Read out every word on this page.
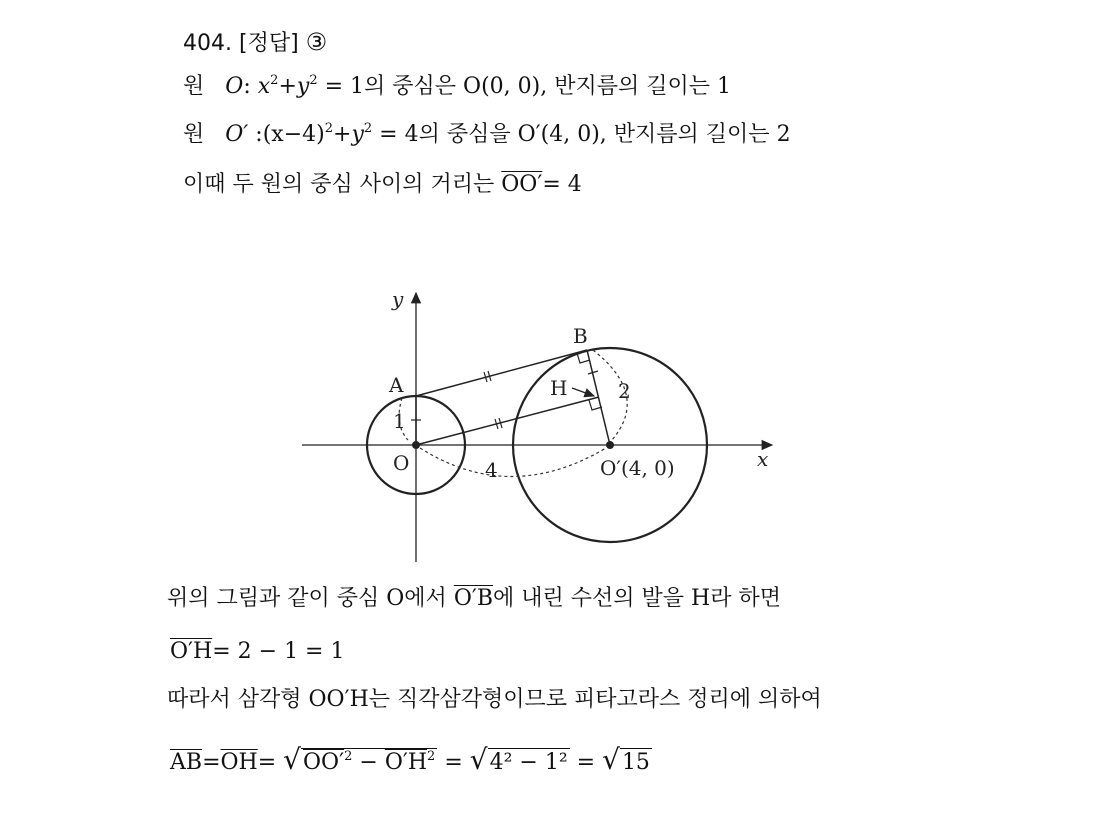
404. [정답] ③
원 O: $x^2+y^2 = 1$의 중심은 O(0, 0), 반지름의 길이는 1
원 O′ $:(x-4)^2+y^2 = 4$의 중심을 O′(4, 0), 반지름의 길이는 2
이때 두 원의 중심 사이의 거리는 OO′= 4
y
x
A
B
H
O	O′(4, 0)
1
2
4
위의 그림과 같이 중심 O에서 O′B에 내린 수선의 발을 H라 하면
O′H= 2 − 1 = 1
따라서 삼각형 OO′H는 직각삼각형이므로 피타고라스 정리에 의하여
$\overline{AB}=\overline{OH}= √OO'^2 - O'H^2 = √4^2 - 1^2 = √15$
